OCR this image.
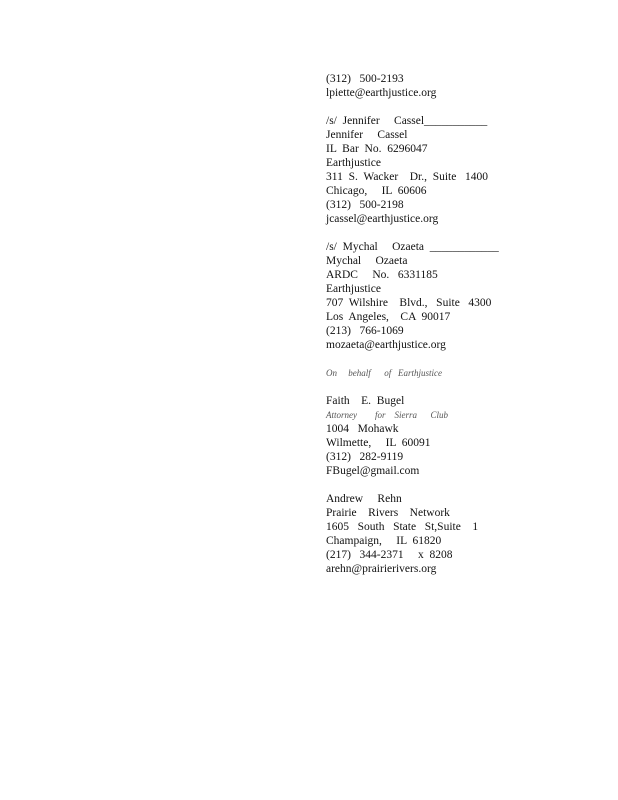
(312)   500-2193
lpiette@earthjustice.org
/s/  Jennifer     Cassel___________
Jennifer     Cassel
IL  Bar  No.  6296047
Earthjustice
311  S.  Wacker    Dr.,  Suite   1400
Chicago,     IL  60606
(312)   500-2198
jcassel@earthjustice.org
/s/  Mychal     Ozaeta  ____________
Mychal     Ozaeta
ARDC     No.   6331185
Earthjustice
707  Wilshire    Blvd.,   Suite   4300
Los  Angeles,    CA  90017
(213)   766-1069
mozaeta@earthjustice.org
On     behalf      of   Earthjustice
Faith    E.  Bugel
Attorney        for    Sierra      Club
1004   Mohawk
Wilmette,     IL  60091
(312)   282-9119
FBugel@gmail.com
Andrew     Rehn
Prairie    Rivers    Network
1605   South   State   St,Suite    1
Champaign,     IL  61820
(217)   344-2371     x  8208
arehn@prairierivers.org
